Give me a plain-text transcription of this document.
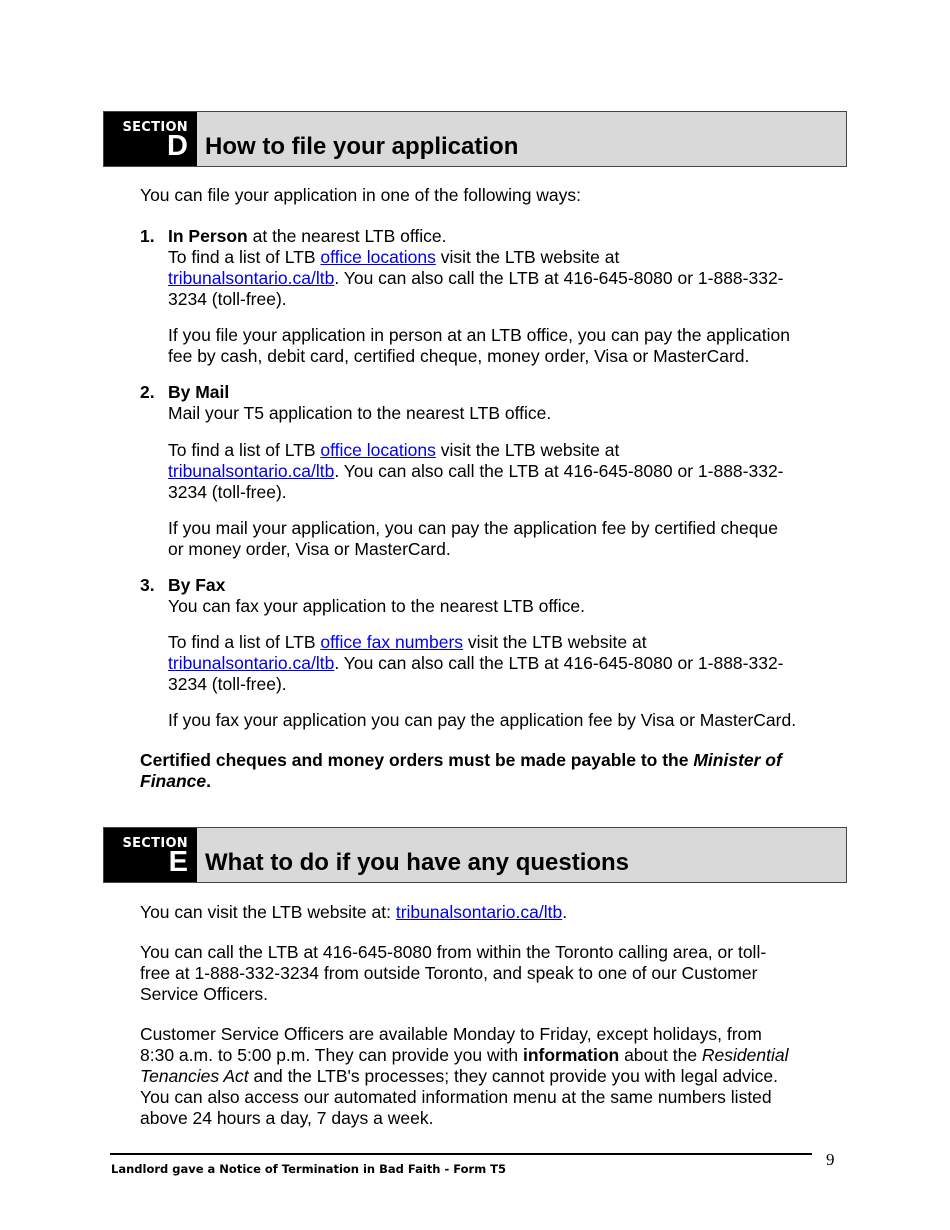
SECTION
D How to file your application
You can file your application in one of the following ways:
1. In Person at the nearest LTB office.
To find a list of LTB office locations visit the LTB website at
tribunalsontario.ca/ltb. You can also call the LTB at 416-645-8080 or 1-888-332-
3234 (toll-free).
If you file your application in person at an LTB office, you can pay the application
fee by cash, debit card, certified cheque, money order, Visa or MasterCard.
2. By Mail
Mail your T5 application to the nearest LTB office.
To find a list of LTB office locations visit the LTB website at
tribunalsontario.ca/ltb. You can also call the LTB at 416-645-8080 or 1-888-332-
3234 (toll-free).
If you mail your application, you can pay the application fee by certified cheque
or money order, Visa or MasterCard.
3. By Fax
You can fax your application to the nearest LTB office.
To find a list of LTB office fax numbers visit the LTB website at
tribunalsontario.ca/ltb. You can also call the LTB at 416-645-8080 or 1-888-332-
3234 (toll-free).
If you fax your application you can pay the application fee by Visa or MasterCard.
Certified cheques and money orders must be made payable to the Minister of
Finance.
SECTION
E What to do if you have any questions
You can visit the LTB website at: tribunalsontario.ca/ltb.
You can call the LTB at 416-645-8080 from within the Toronto calling area, or toll-
free at 1-888-332-3234 from outside Toronto, and speak to one of our Customer
Service Officers.
Customer Service Officers are available Monday to Friday, except holidays, from
8:30 a.m. to 5:00 p.m. They can provide you with information about the Residential
Tenancies Act and the LTB's processes; they cannot provide you with legal advice.
You can also access our automated information menu at the same numbers listed
above 24 hours a day, 7 days a week.
Landlord gave a Notice of Termination in Bad Faith - Form T5	9
